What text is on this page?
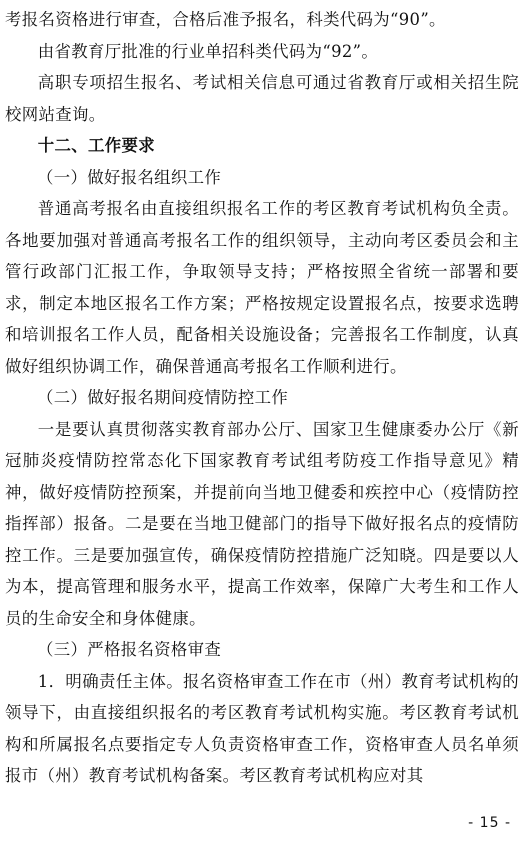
考报名资格进行审查，合格后准予报名，科类代码为“90”。

由省教育厅批准的行业单招科类代码为“92”。

高职专项招生报名、考试相关信息可通过省教育厅或相关招生院校网站查询。

十二、工作要求

（一）做好报名组织工作

普通高考报名由直接组织报名工作的考区教育考试机构负全责。各地要加强对普通高考报名工作的组织领导，主动向考区委员会和主管行政部门汇报工作，争取领导支持；严格按照全省统一部署和要求，制定本地区报名工作方案；严格按规定设置报名点，按要求选聘和培训报名工作人员，配备相关设施设备；完善报名工作制度，认真做好组织协调工作，确保普通高考报名工作顺利进行。

（二）做好报名期间疫情防控工作

一是要认真贯彻落实教育部办公厅、国家卫生健康委办公厅《新冠肺炎疫情防控常态化下国家教育考试组考防疫工作指导意见》精神，做好疫情防控预案，并提前向当地卫健委和疾控中心（疫情防控指挥部）报备。二是要在当地卫健部门的指导下做好报名点的疫情防控工作。三是要加强宣传，确保疫情防控措施广泛知晓。四是要以人为本，提高管理和服务水平，提高工作效率，保障广大考生和工作人员的生命安全和身体健康。

（三）严格报名资格审查

1．明确责任主体。报名资格审查工作在市（州）教育考试机构的领导下，由直接组织报名的考区教育考试机构实施。考区教育考试机构和所属报名点要指定专人负责资格审查工作，资格审查人员名单须报市（州）教育考试机构备案。考区教育考试机构应对其

- 15 -
